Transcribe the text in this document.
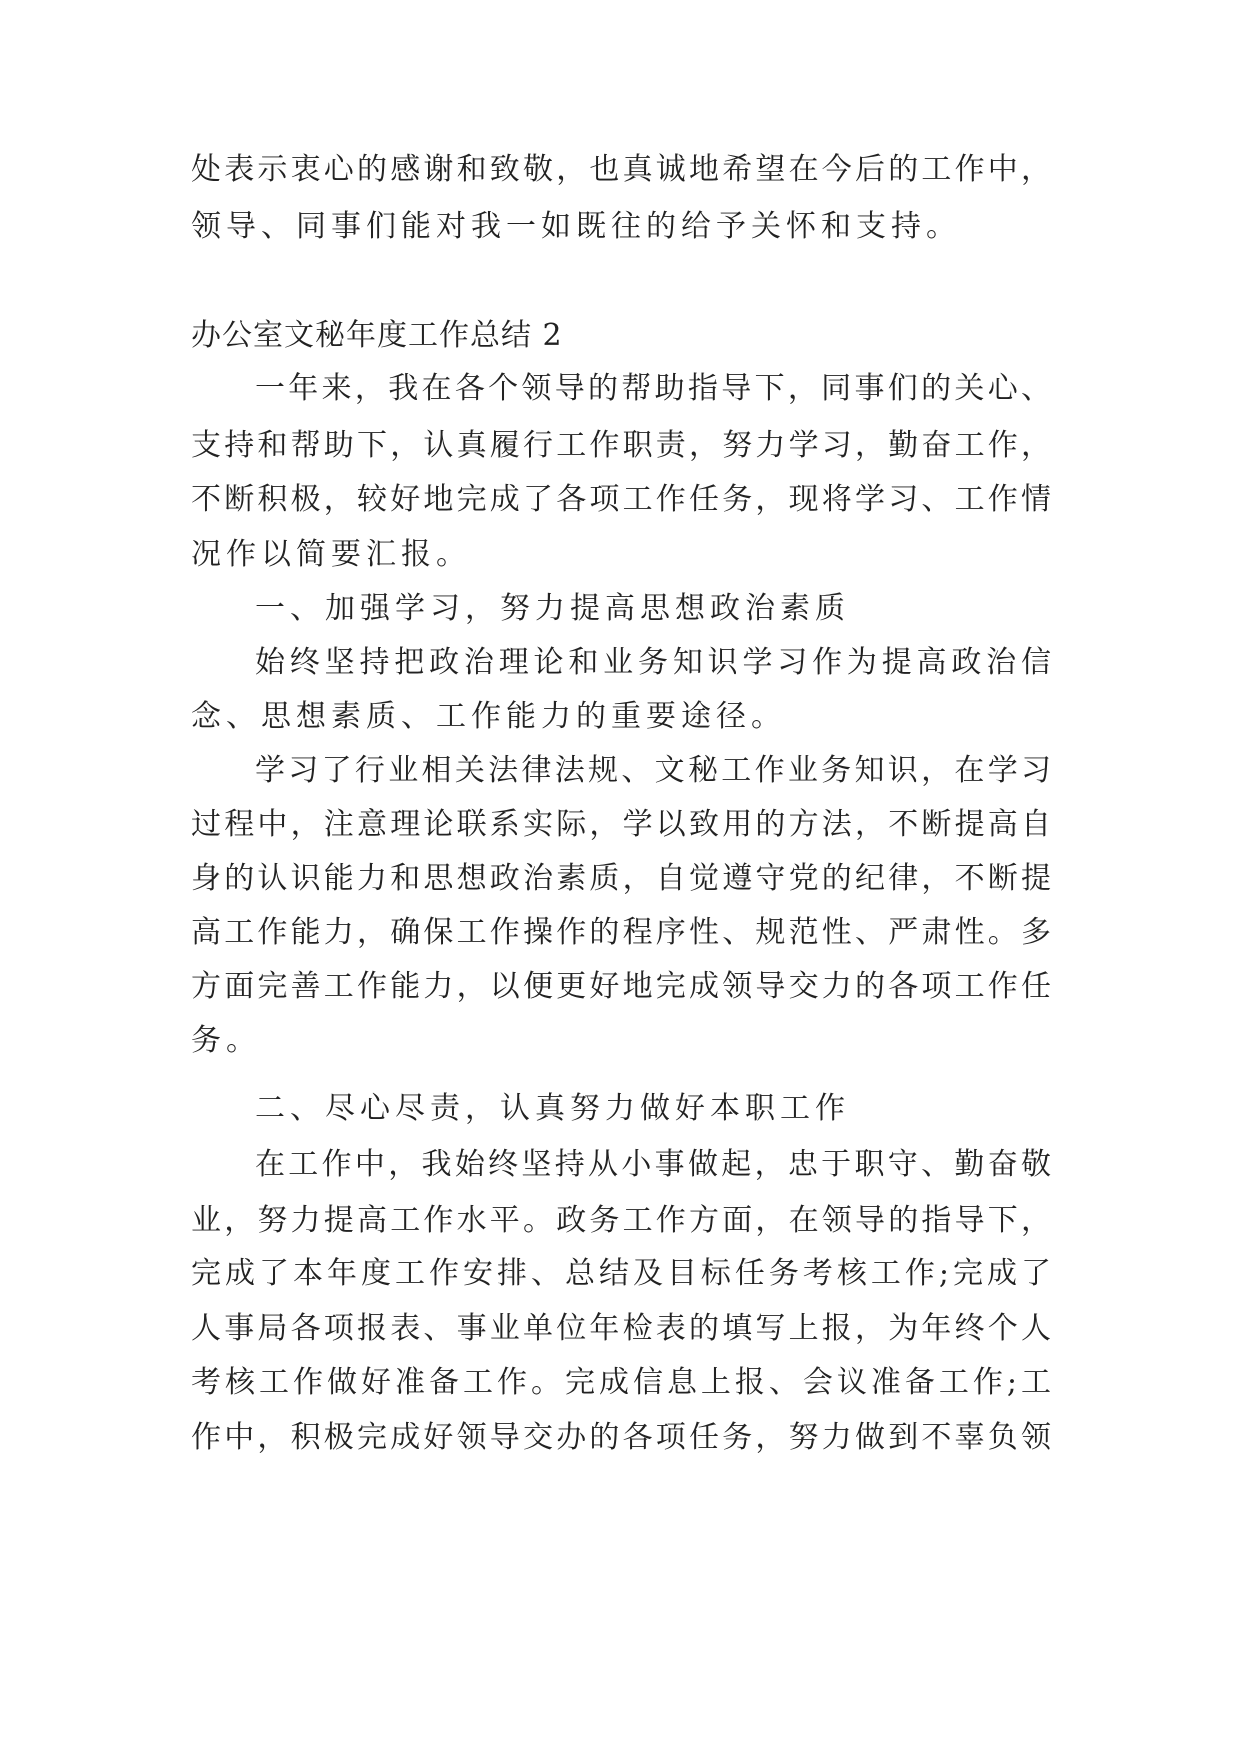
处表示衷心的感谢和致敬，也真诚地希望在今后的工作中，
领导、同事们能对我一如既往的给予关怀和支持。
办公室文秘年度工作总结 2
一年来，我在各个领导的帮助指导下，同事们的关心、
支持和帮助下，认真履行工作职责，努力学习，勤奋工作，
不断积极，较好地完成了各项工作任务，现将学习、工作情
况作以简要汇报。
一、加强学习，努力提高思想政治素质
始终坚持把政治理论和业务知识学习作为提高政治信
念、思想素质、工作能力的重要途径。
学习了行业相关法律法规、文秘工作业务知识，在学习
过程中，注意理论联系实际，学以致用的方法，不断提高自
身的认识能力和思想政治素质，自觉遵守党的纪律，不断提
高工作能力，确保工作操作的程序性、规范性、严肃性。多
方面完善工作能力，以便更好地完成领导交力的各项工作任
务。
二、尽心尽责，认真努力做好本职工作
在工作中，我始终坚持从小事做起，忠于职守、勤奋敬
业，努力提高工作水平。政务工作方面，在领导的指导下，
完成了本年度工作安排、总结及目标任务考核工作;完成了
人事局各项报表、事业单位年检表的填写上报，为年终个人
考核工作做好准备工作。完成信息上报、会议准备工作;工
作中，积极完成好领导交办的各项任务，努力做到不辜负领
